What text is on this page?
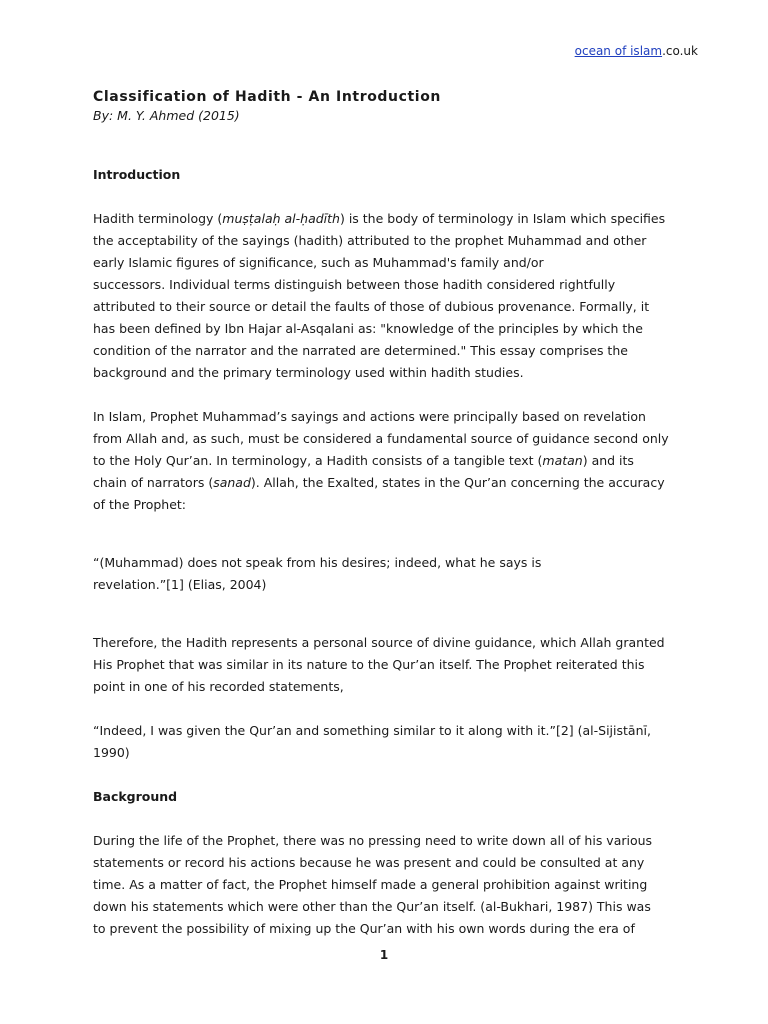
ocean of islam.co.uk
Classification of Hadith - An Introduction

By: M. Y. Ahmed (2015)

Introduction

Hadith terminology (muṣṭalaḥ al-ḥadīth) is the body of terminology in Islam which specifies
the acceptability of the sayings (hadith) attributed to the prophet Muhammad and other
early Islamic figures of significance, such as Muhammad's family and/or
successors. Individual terms distinguish between those hadith considered rightfully
attributed to their source or detail the faults of those of dubious provenance. Formally, it
has been defined by Ibn Hajar al-Asqalani as: "knowledge of the principles by which the
condition of the narrator and the narrated are determined." This essay comprises the
background and the primary terminology used within hadith studies.

In Islam, Prophet Muhammad’s sayings and actions were principally based on revelation
from Allah and, as such, must be considered a fundamental source of guidance second only
to the Holy Qur’an. In terminology, a Hadith consists of a tangible text (matan) and its
chain of narrators (sanad). Allah, the Exalted, states in the Qur’an concerning the accuracy
of the Prophet:

“(Muhammad) does not speak from his desires; indeed, what he says is
revelation.”[1] (Elias, 2004)

Therefore, the Hadith represents a personal source of divine guidance, which Allah granted
His Prophet that was similar in its nature to the Qur’an itself. The Prophet reiterated this
point in one of his recorded statements,

“Indeed, I was given the Qur’an and something similar to it along with it.”[2] (al-Sijistānī,
1990)

Background

During the life of the Prophet, there was no pressing need to write down all of his various
statements or record his actions because he was present and could be consulted at any
time. As a matter of fact, the Prophet himself made a general prohibition against writing
down his statements which were other than the Qur’an itself. (al-Bukhari, 1987) This was
to prevent the possibility of mixing up the Qur’an with his own words during the era of

1
